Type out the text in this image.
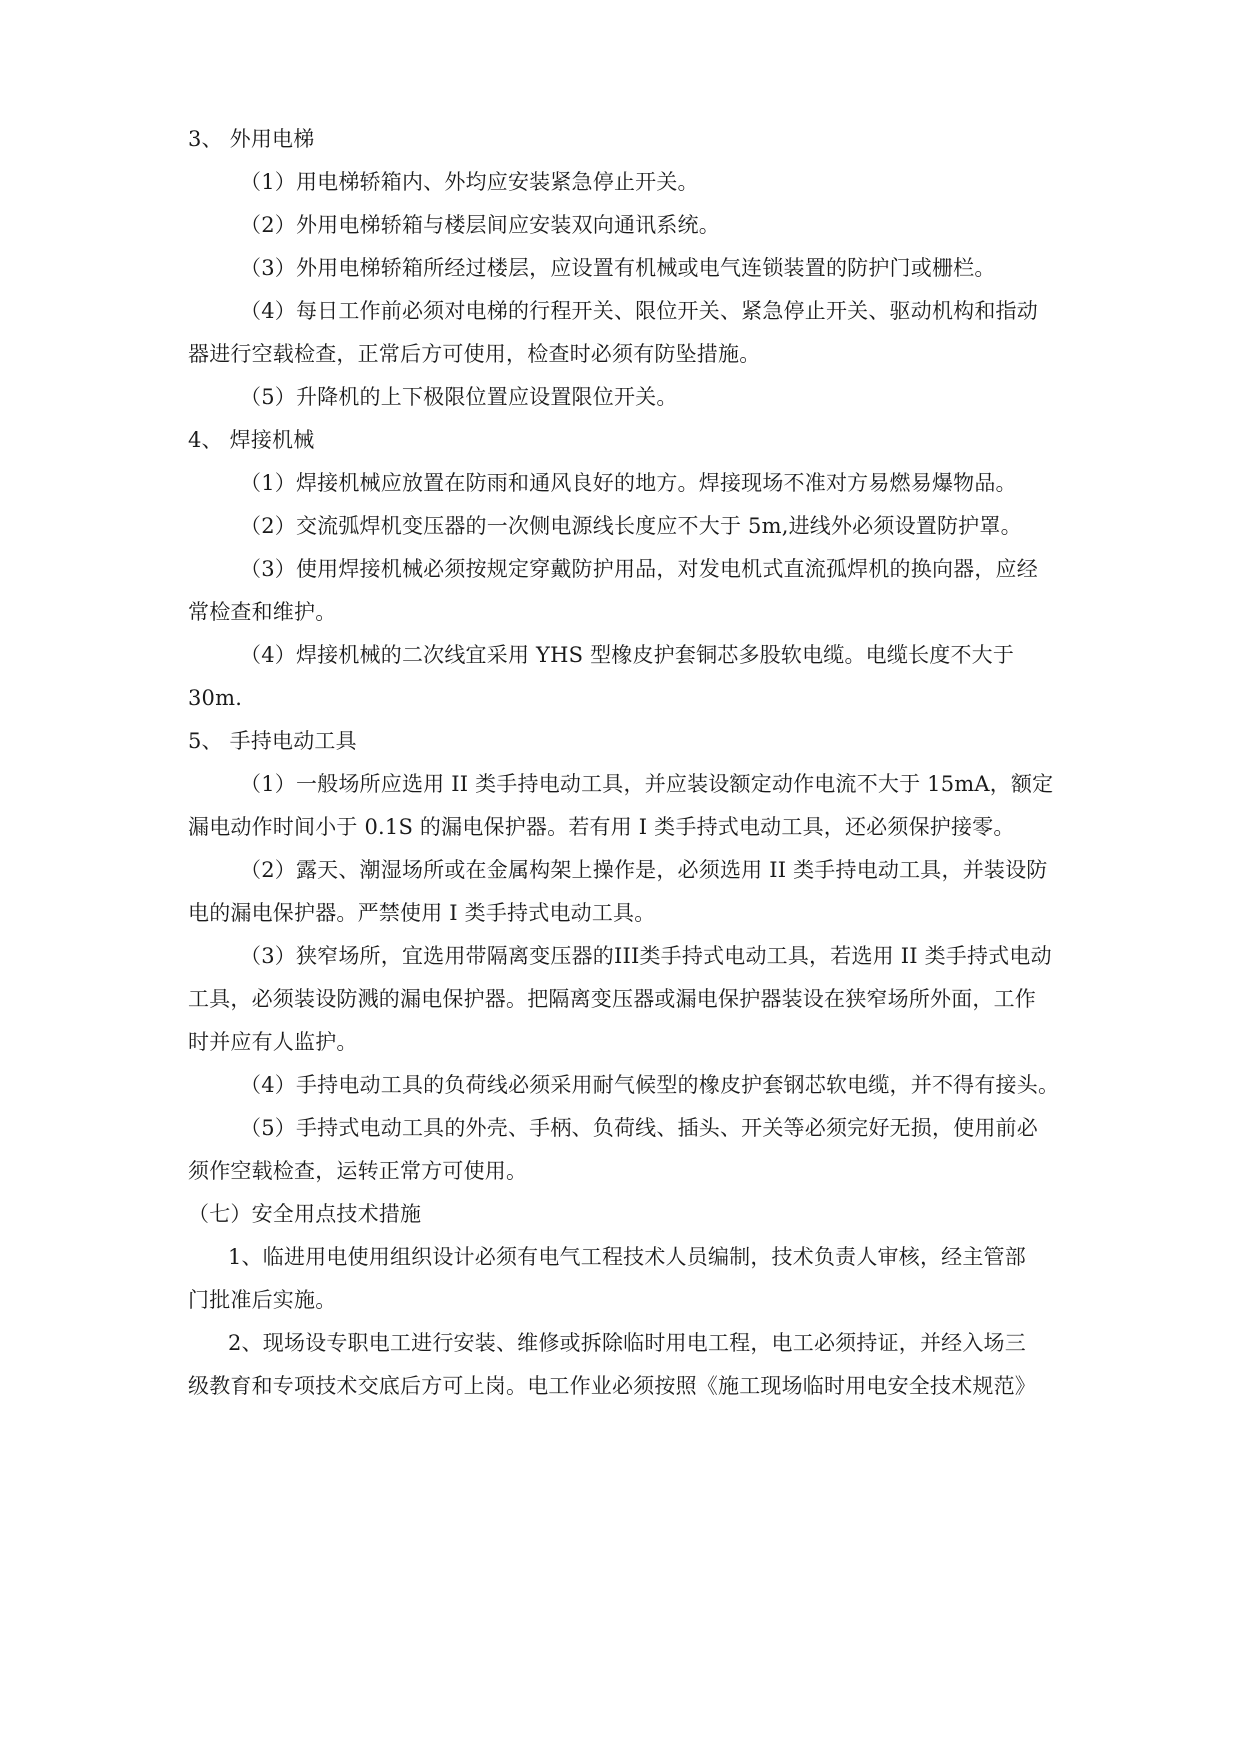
3、 外用电梯
（1）用电梯轿箱内、外均应安装紧急停止开关。
（2）外用电梯轿箱与楼层间应安装双向通讯系统。
（3）外用电梯轿箱所经过楼层，应设置有机械或电气连锁装置的防护门或栅栏。
（4）每日工作前必须对电梯的行程开关、限位开关、紧急停止开关、驱动机构和指动
器进行空载检查，正常后方可使用，检查时必须有防坠措施。
（5）升降机的上下极限位置应设置限位开关。
4、 焊接机械
（1）焊接机械应放置在防雨和通风良好的地方。焊接现场不准对方易燃易爆物品。
（2）交流弧焊机变压器的一次侧电源线长度应不大于 5m,进线外必须设置防护罩。
（3）使用焊接机械必须按规定穿戴防护用品，对发电机式直流孤焊机的换向器，应经
常检查和维护。
（4）焊接机械的二次线宜采用 YHS 型橡皮护套铜芯多股软电缆。电缆长度不大于
30m.
5、 手持电动工具
（1）一般场所应选用 II 类手持电动工具，并应装设额定动作电流不大于 15mA，额定
漏电动作时间小于 0.1S 的漏电保护器。若有用 I 类手持式电动工具，还必须保护接零。
（2）露天、潮湿场所或在金属构架上操作是，必须选用 II 类手持电动工具，并装设防
电的漏电保护器。严禁使用 I 类手持式电动工具。
（3）狭窄场所，宜选用带隔离变压器的III类手持式电动工具，若选用 II 类手持式电动
工具，必须装设防溅的漏电保护器。把隔离变压器或漏电保护器装设在狭窄场所外面，工作
时并应有人监护。
（4）手持电动工具的负荷线必须采用耐气候型的橡皮护套钢芯软电缆，并不得有接头。
（5）手持式电动工具的外壳、手柄、负荷线、插头、开关等必须完好无损，使用前必
须作空载检查，运转正常方可使用。
（七）安全用点技术措施
1、临进用电使用组织设计必须有电气工程技术人员编制，技术负责人审核，经主管部
门批准后实施。
2、现场设专职电工进行安装、维修或拆除临时用电工程，电工必须持证，并经入场三
级教育和专项技术交底后方可上岗。电工作业必须按照《施工现场临时用电安全技术规范》
